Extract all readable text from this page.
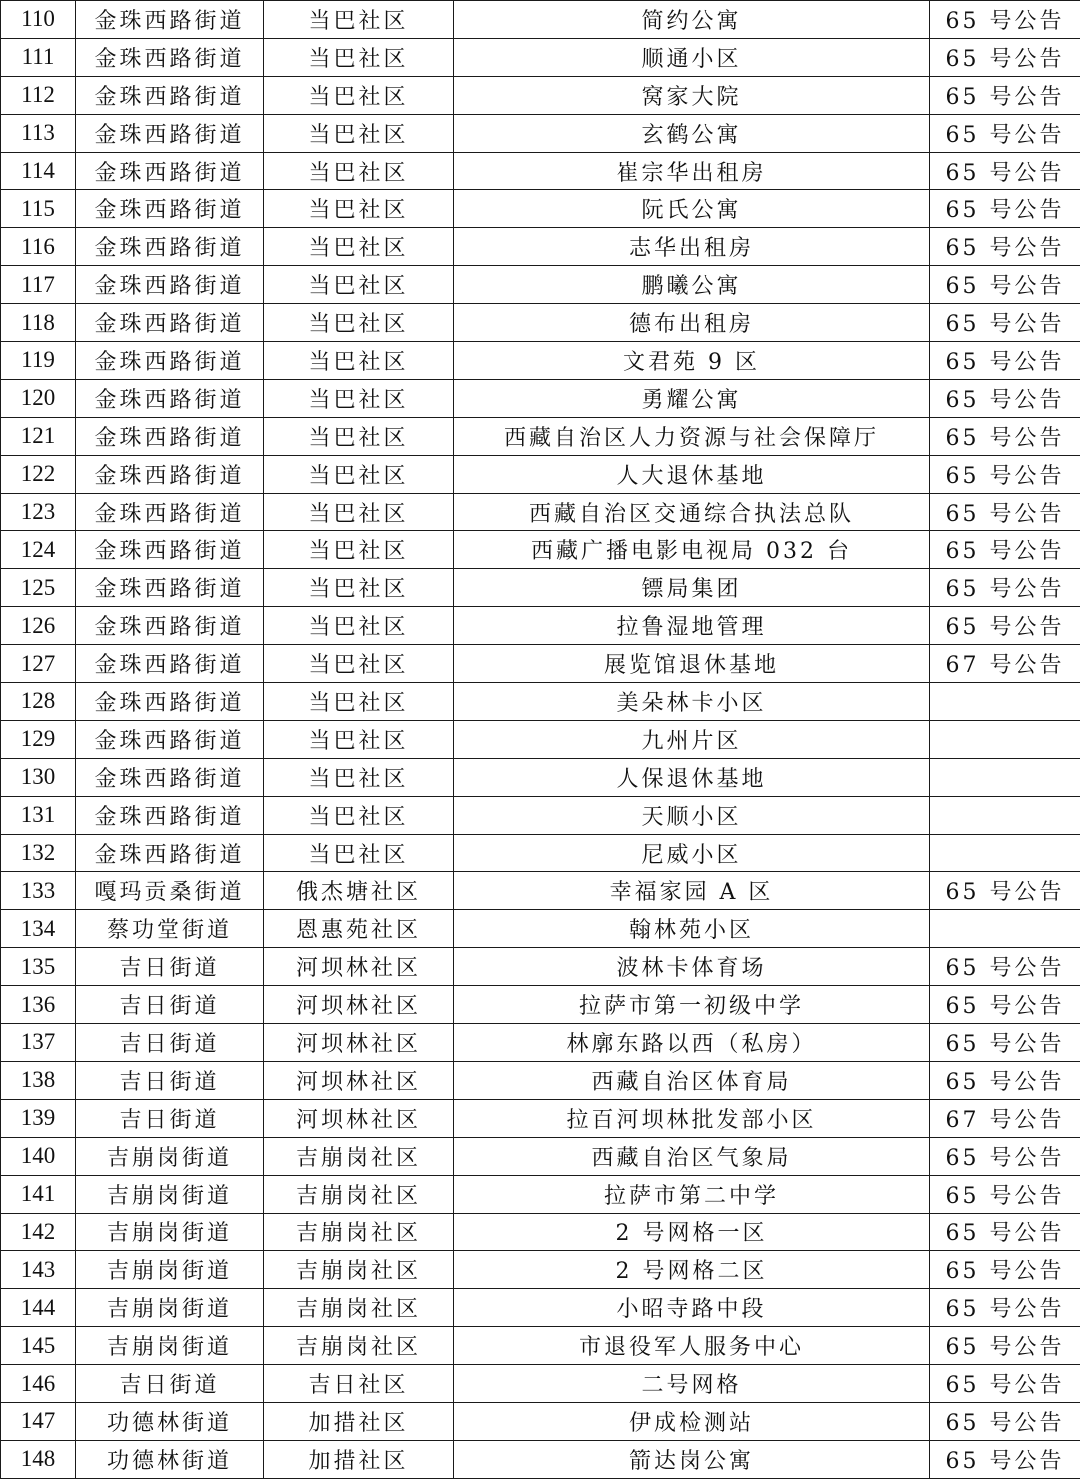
110	金珠西路街道	当巴社区	简约公寓	65 号公告
111	金珠西路街道	当巴社区	顺通小区	65 号公告
112	金珠西路街道	当巴社区	窝家大院	65 号公告
113	金珠西路街道	当巴社区	玄鹤公寓	65 号公告
114	金珠西路街道	当巴社区	崔宗华出租房	65 号公告
115	金珠西路街道	当巴社区	阮氏公寓	65 号公告
116	金珠西路街道	当巴社区	志华出租房	65 号公告
117	金珠西路街道	当巴社区	鹏曦公寓	65 号公告
118	金珠西路街道	当巴社区	德布出租房	65 号公告
119	金珠西路街道	当巴社区	文君苑 9 区	65 号公告
120	金珠西路街道	当巴社区	勇耀公寓	65 号公告
121	金珠西路街道	当巴社区	西藏自治区人力资源与社会保障厅	65 号公告
122	金珠西路街道	当巴社区	人大退休基地	65 号公告
123	金珠西路街道	当巴社区	西藏自治区交通综合执法总队	65 号公告
124	金珠西路街道	当巴社区	西藏广播电影电视局 032 台	65 号公告
125	金珠西路街道	当巴社区	镖局集团	65 号公告
126	金珠西路街道	当巴社区	拉鲁湿地管理	65 号公告
127	金珠西路街道	当巴社区	展览馆退休基地	67 号公告
128	金珠西路街道	当巴社区	美朵林卡小区	
129	金珠西路街道	当巴社区	九州片区	
130	金珠西路街道	当巴社区	人保退休基地	
131	金珠西路街道	当巴社区	天顺小区	
132	金珠西路街道	当巴社区	尼威小区	
133	嘎玛贡桑街道	俄杰塘社区	幸福家园 A 区	65 号公告
134	蔡功堂街道	恩惠苑社区	翰林苑小区	
135	吉日街道	河坝林社区	波林卡体育场	65 号公告
136	吉日街道	河坝林社区	拉萨市第一初级中学	65 号公告
137	吉日街道	河坝林社区	林廓东路以西（私房）	65 号公告
138	吉日街道	河坝林社区	西藏自治区体育局	65 号公告
139	吉日街道	河坝林社区	拉百河坝林批发部小区	67 号公告
140	吉崩岗街道	吉崩岗社区	西藏自治区气象局	65 号公告
141	吉崩岗街道	吉崩岗社区	拉萨市第二中学	65 号公告
142	吉崩岗街道	吉崩岗社区	2 号网格一区	65 号公告
143	吉崩岗街道	吉崩岗社区	2 号网格二区	65 号公告
144	吉崩岗街道	吉崩岗社区	小昭寺路中段	65 号公告
145	吉崩岗街道	吉崩岗社区	市退役军人服务中心	65 号公告
146	吉日街道	吉日社区	二号网格	65 号公告
147	功德林街道	加措社区	伊成检测站	65 号公告
148	功德林街道	加措社区	箭达岗公寓	65 号公告
